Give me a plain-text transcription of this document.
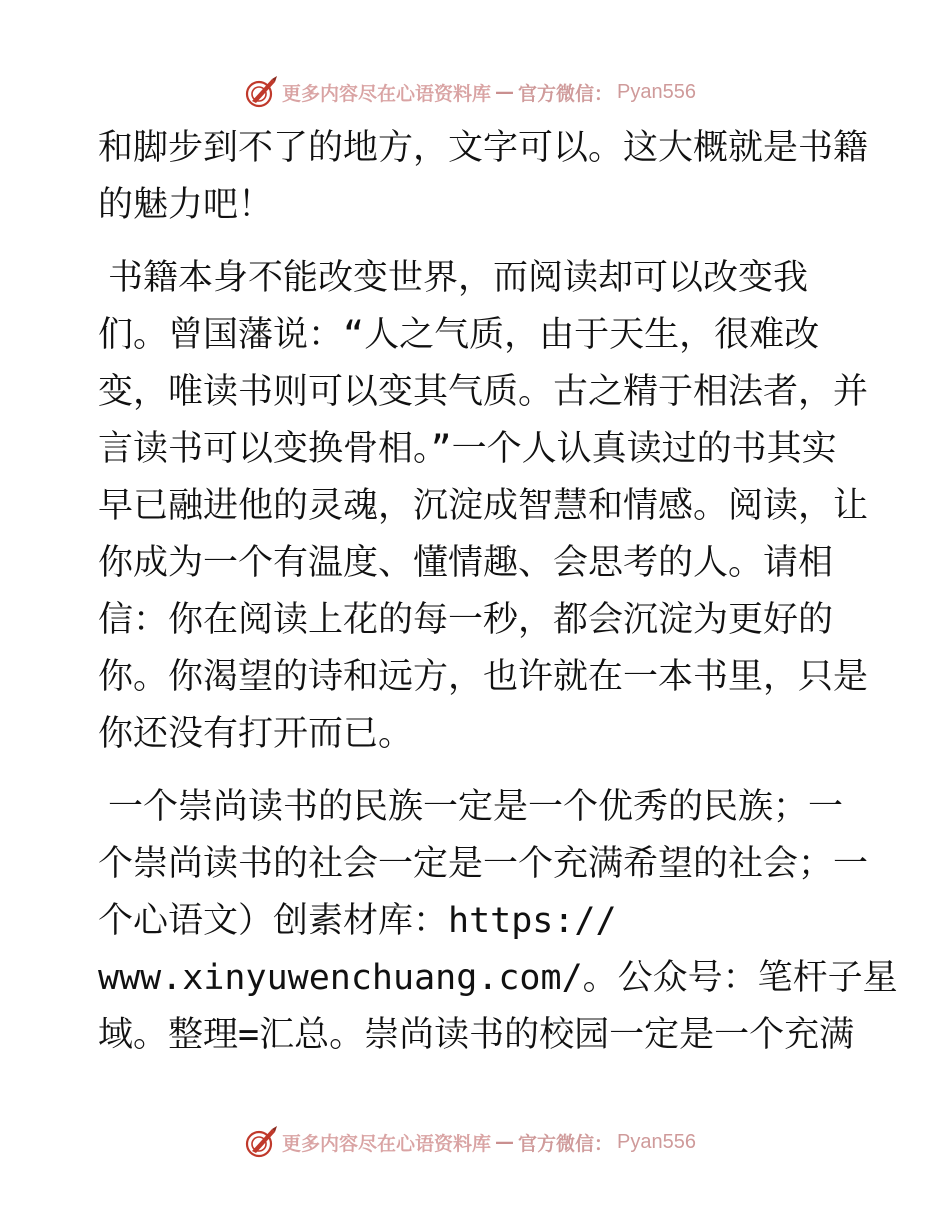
更多内容尽在心语资料库 — 官方微信： Pyan556
和脚步到不了的地方，文字可以。这大概就是书籍
的魅力吧！
书籍本身不能改变世界，而阅读却可以改变我
们。曾国藩说：“人之气质，由于天生，很难改
变，唯读书则可以变其气质。古之精于相法者，并
言读书可以变换骨相。”一个人认真读过的书其实
早已融进他的灵魂，沉淀成智慧和情感。阅读，让
你成为一个有温度、懂情趣、会思考的人。请相
信：你在阅读上花的每一秒，都会沉淀为更好的
你。你渴望的诗和远方，也许就在一本书里，只是
你还没有打开而已。
一个崇尚读书的民族一定是一个优秀的民族；一
个崇尚读书的社会一定是一个充满希望的社会；一
个心语文）创素材库：https://
www.xinyuwenchuang.com/。公众号：笔杆子星
域。整理=汇总。崇尚读书的校园一定是一个充满
更多内容尽在心语资料库 — 官方微信： Pyan556
